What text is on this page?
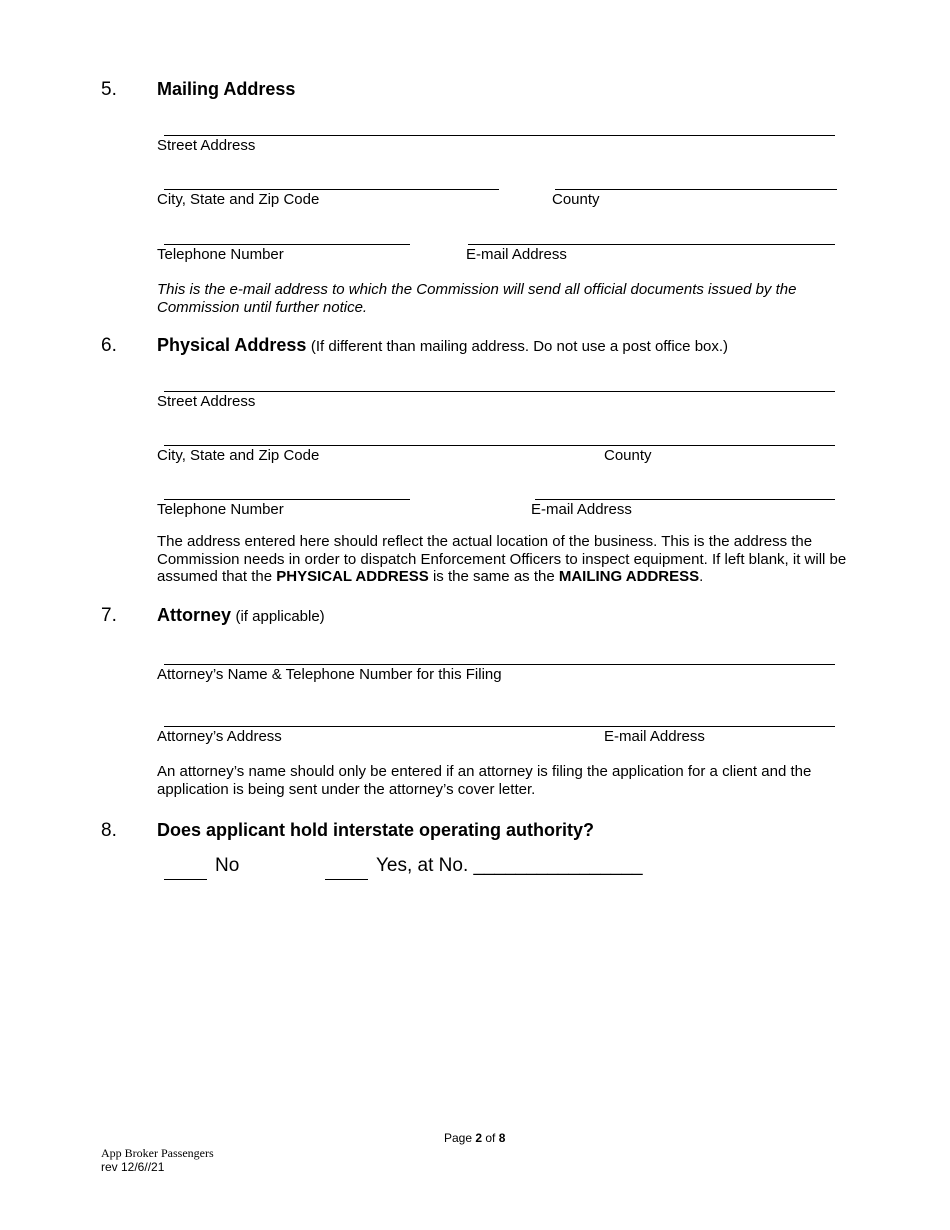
5. Mailing Address
Street Address
City, State and Zip Code	County
Telephone Number	E-mail Address
This is the e-mail address to which the Commission will send all official documents issued by the Commission until further notice.
6. Physical Address (If different than mailing address. Do not use a post office box.)
Street Address
City, State and Zip Code	County
Telephone Number	E-mail Address
The address entered here should reflect the actual location of the business. This is the address the Commission needs in order to dispatch Enforcement Officers to inspect equipment. If left blank, it will be assumed that the PHYSICAL ADDRESS is the same as the MAILING ADDRESS.
7. Attorney (if applicable)
Attorney’s Name & Telephone Number for this Filing
Attorney’s Address	E-mail Address
An attorney’s name should only be entered if an attorney is filing the application for a client and the application is being sent under the attorney’s cover letter.
8. Does applicant hold interstate operating authority?
No	Yes, at No. ________________
Page 2 of 8
App Broker Passengers
rev 12/6//21
